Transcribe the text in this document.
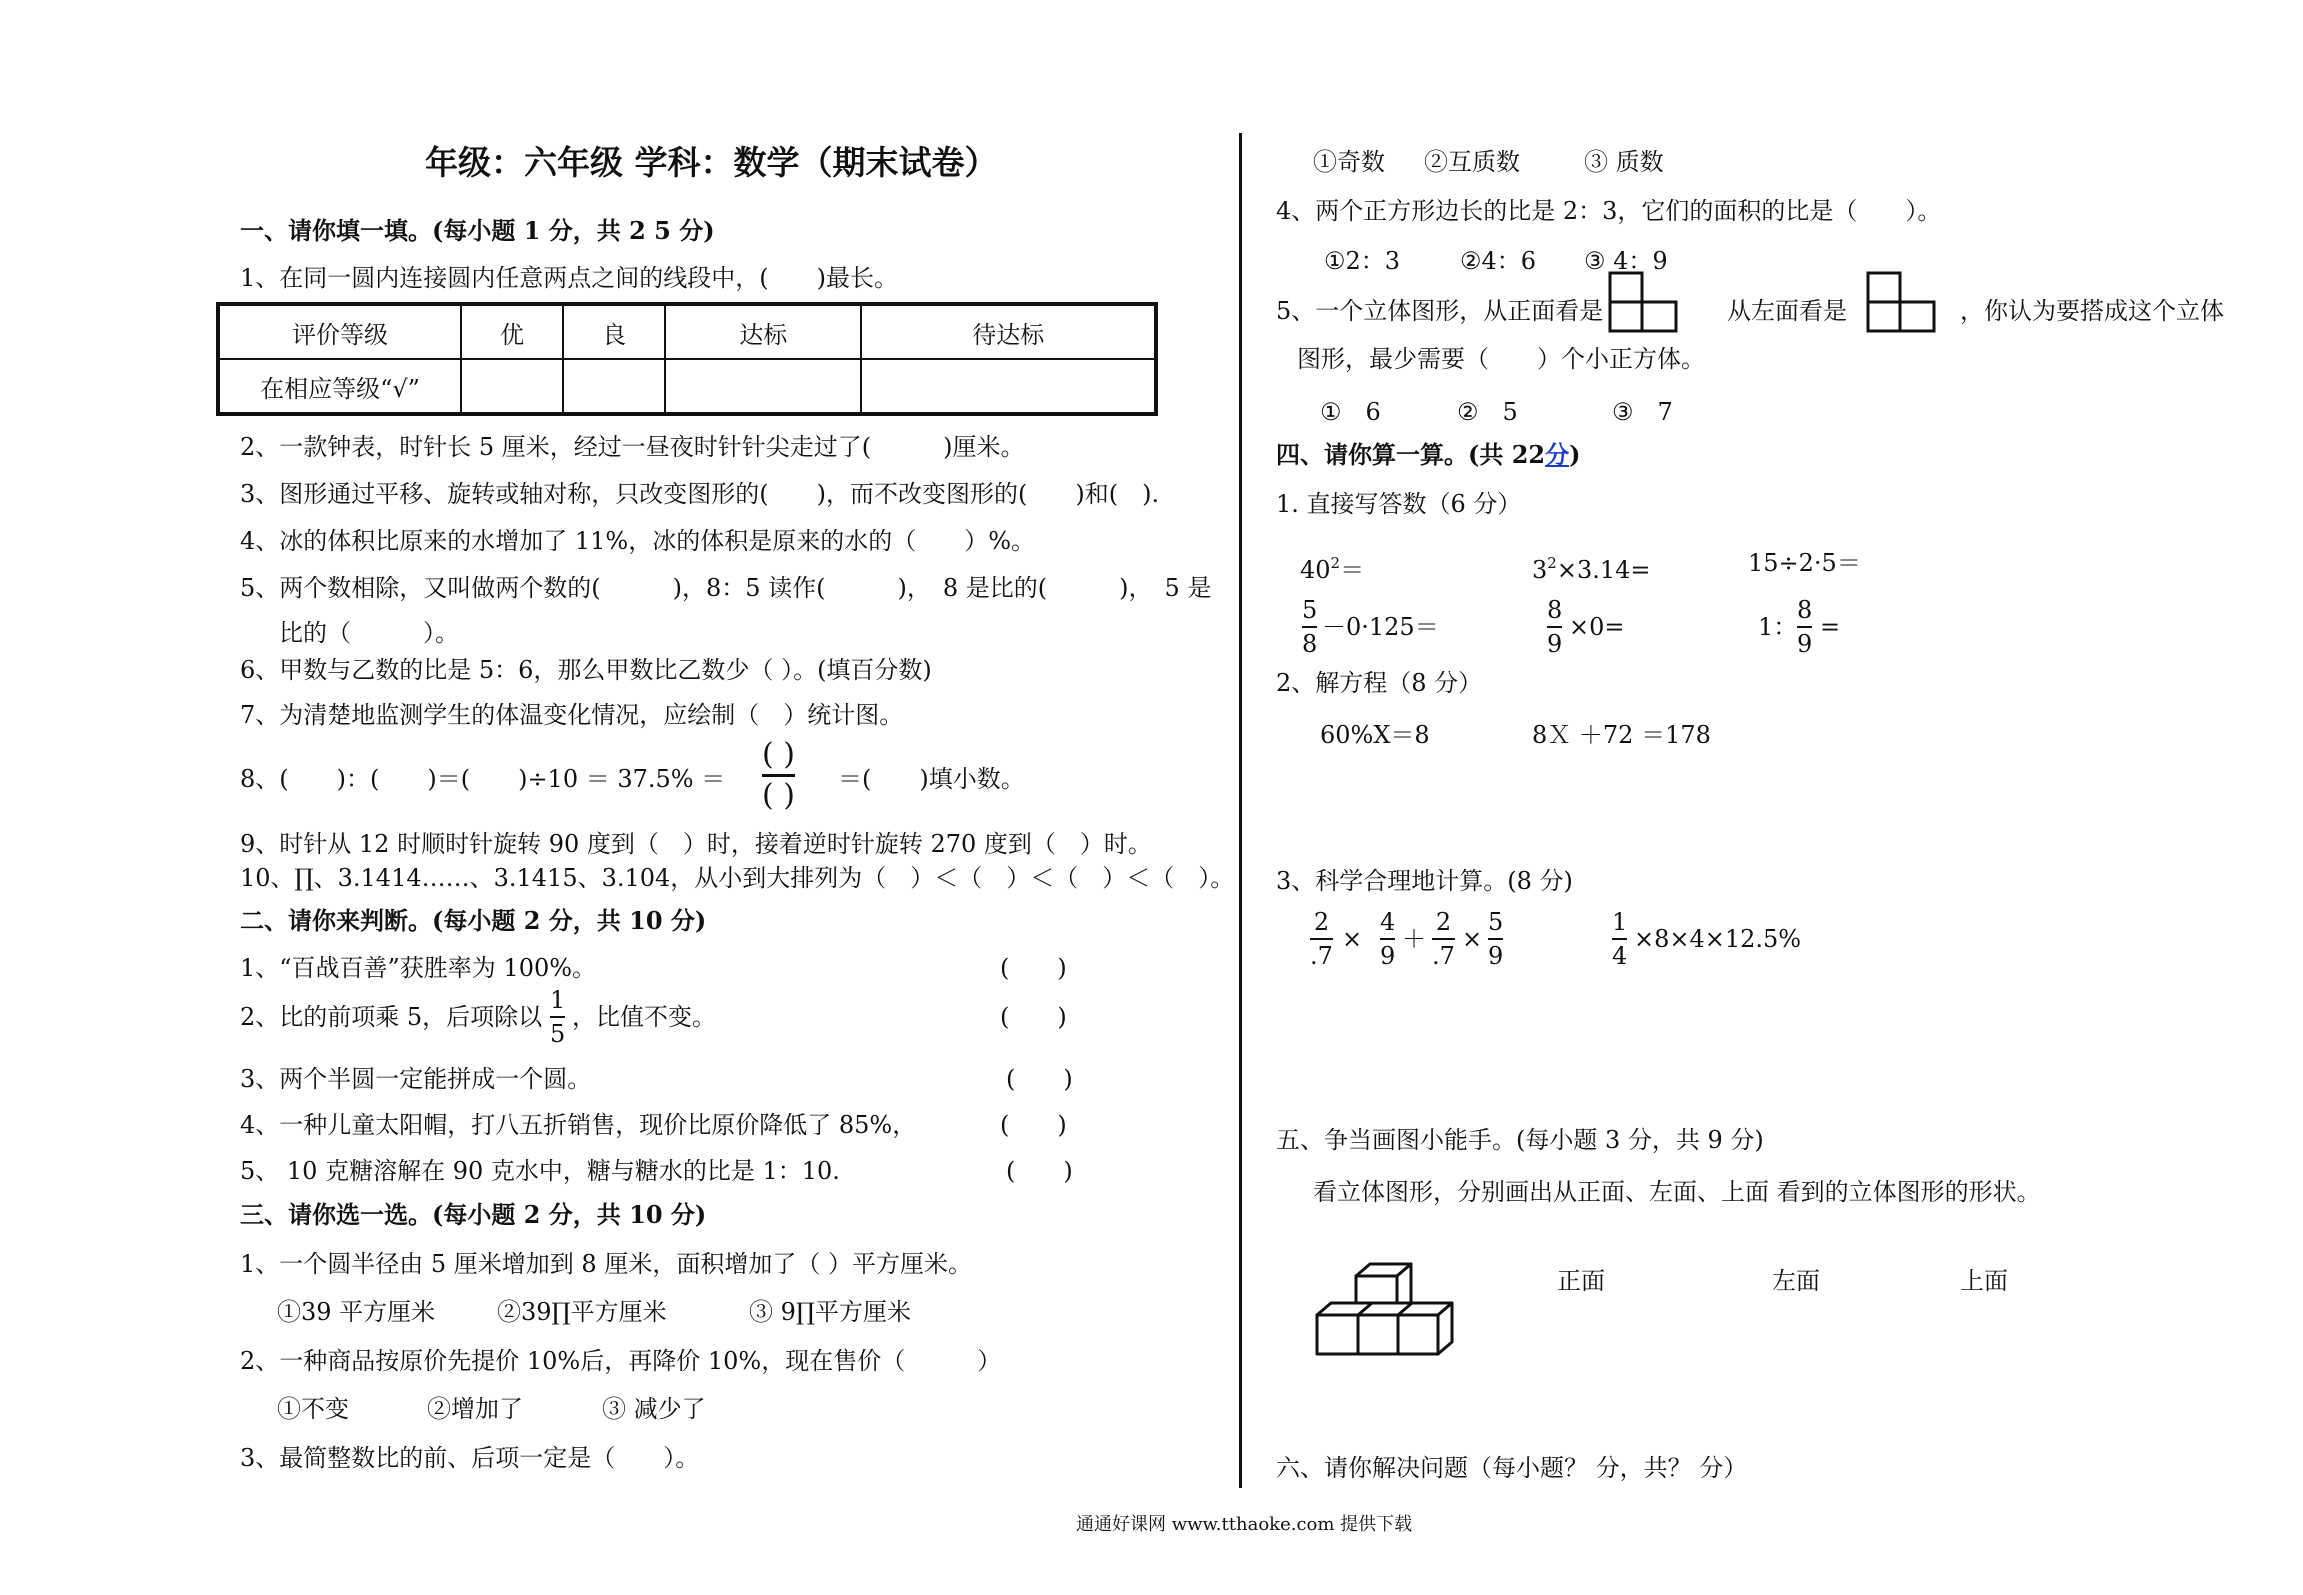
年级：六年级 学科：数学（期末试卷）
一、请你填一填。(每小题 1 分，共 2 5 分)
1、在同一圆内连接圆内任意两点之间的线段中，(　　)最长。
评价等级	优	良	达标	待达标
在相应等级“√”				
2、一款钟表，时针长 5 厘米，经过一昼夜时针针尖走过了(　　　)厘米。
3、图形通过平移、旋转或轴对称，只改变图形的(　　)，而不改变图形的(　　)和(　).
4、冰的体积比原来的水增加了 11%，冰的体积是原来的水的（　　）%。
5、两个数相除，又叫做两个数的(　　　)，8：5 读作(　　　)，　8 是比的(　　　)，　5 是
比的（　　　）。
6、甲数与乙数的比是 5：6，那么甲数比乙数少（ ）。(填百分数)
7、为清楚地监测学生的体温变化情况，应绘制（　）统计图。
8、(　　)：(　　)＝(　　)÷10 ＝ 37.5% ＝
( )
( ) ＝(　　)填小数。
9、时针从 12 时顺时针旋转 90 度到（　）时，接着逆时针旋转 270 度到（　）时。
10、∏、3.1414……、3.1415、3.104，从小到大排列为（　）＜（　）＜（　）＜（　）。
二、请你来判断。(每小题 2 分，共 10 分)
1、“百战百善”获胜率为 100%。	(　　)
2、比的前项乘 5，后项除以
1
5
，比值不变。	(　　)
3、两个半圆一定能拼成一个圆。	(　　)
4、一种儿童太阳帽，打八五折销售，现价比原价降低了 85%，	(　　)
5、 10 克糖溶解在 90 克水中，糖与糖水的比是 1：10.	(　　)
三、请你选一选。(每小题 2 分，共 10 分)
1、一个圆半径由 5 厘米增加到 8 厘米，面积增加了（ ）平方厘米。
①39 平方厘米	②39∏平方厘米	③ 9∏平方厘米
2、一种商品按原价先提价 10%后，再降价 10%，现在售价（　　　）
①不变	②增加了	③ 减少了
3、最简整数比的前、后项一定是（　　）。
①奇数 ②互质数	③ 质数
4、两个正方形边长的比是 2：3，它们的面积的比是（　　）。
①2：3 ②4：6 ③ 4：9
5、一个立体图形，从正面看是	从左面看是	，你认为要搭成这个立体
图形，最少需要（　　）个小正方体。
①　6	②　5	③　7
四、请你算一算。(共 22分)
1. 直接写答数（6 分）
$40^2=$	$3^2\times 3.14=$	15÷2·5＝
5
8
－0·125＝
8
9
×0=	1：
8
9
=
2、解方程（8 分）
60%X＝8	8Ｘ ＋72 ＝178
3、科学合理地计算。(8 分)
2
.7
×
4
9
＋
2
.7
×
5
9
1
4
×8×4×12.5%
五、争当画图小能手。(每小题 3 分，共 9 分)
看立体图形，分别画出从正面、左面、上面 看到的立体图形的形状。
正面	左面	上面
六、请你解决问题（每小题？ 分，共？ 分）
通通好课网 www.tthaoke.com 提供下载
